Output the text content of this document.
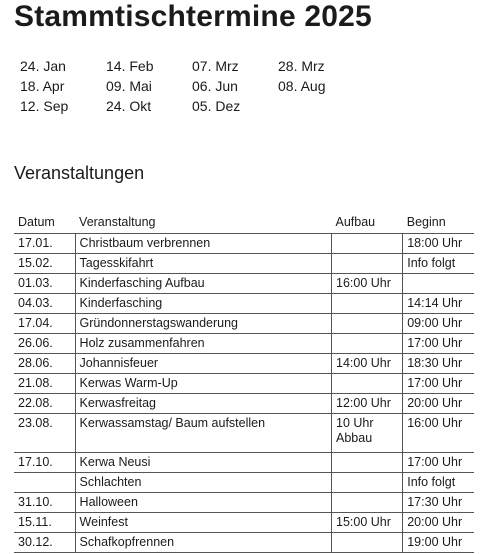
Stammtischtermine 2025
24. Jan	14. Feb	07. Mrz	28. Mrz
18. Apr	09. Mai	06. Jun	08. Aug
12. Sep	24. Okt	05. Dez
Veranstaltungen
Datum	Veranstaltung	Aufbau	Beginn
17.01.	Christbaum verbrennen		18:00 Uhr
15.02.	Tagesskifahrt		Info folgt
01.03.	Kinderfasching Aufbau	16:00 Uhr	
04.03.	Kinderfasching		14:14 Uhr
17.04.	Gründonnerstagswanderung		09:00 Uhr
26.06.	Holz zusammenfahren		17:00 Uhr
28.06.	Johannisfeuer	14:00 Uhr	18:30 Uhr
21.08.	Kerwas Warm-Up		17:00 Uhr
22.08.	Kerwasfreitag	12:00 Uhr	20:00 Uhr
23.08.	Kerwassamstag/ Baum aufstellen	10 Uhr Abbau	16:00 Uhr
17.10.	Kerwa Neusi		17:00 Uhr
	Schlachten		Info folgt
31.10.	Halloween		17:30 Uhr
15.11.	Weinfest	15:00 Uhr	20:00 Uhr
30.12.	Schafkopfrennen		19:00 Uhr
